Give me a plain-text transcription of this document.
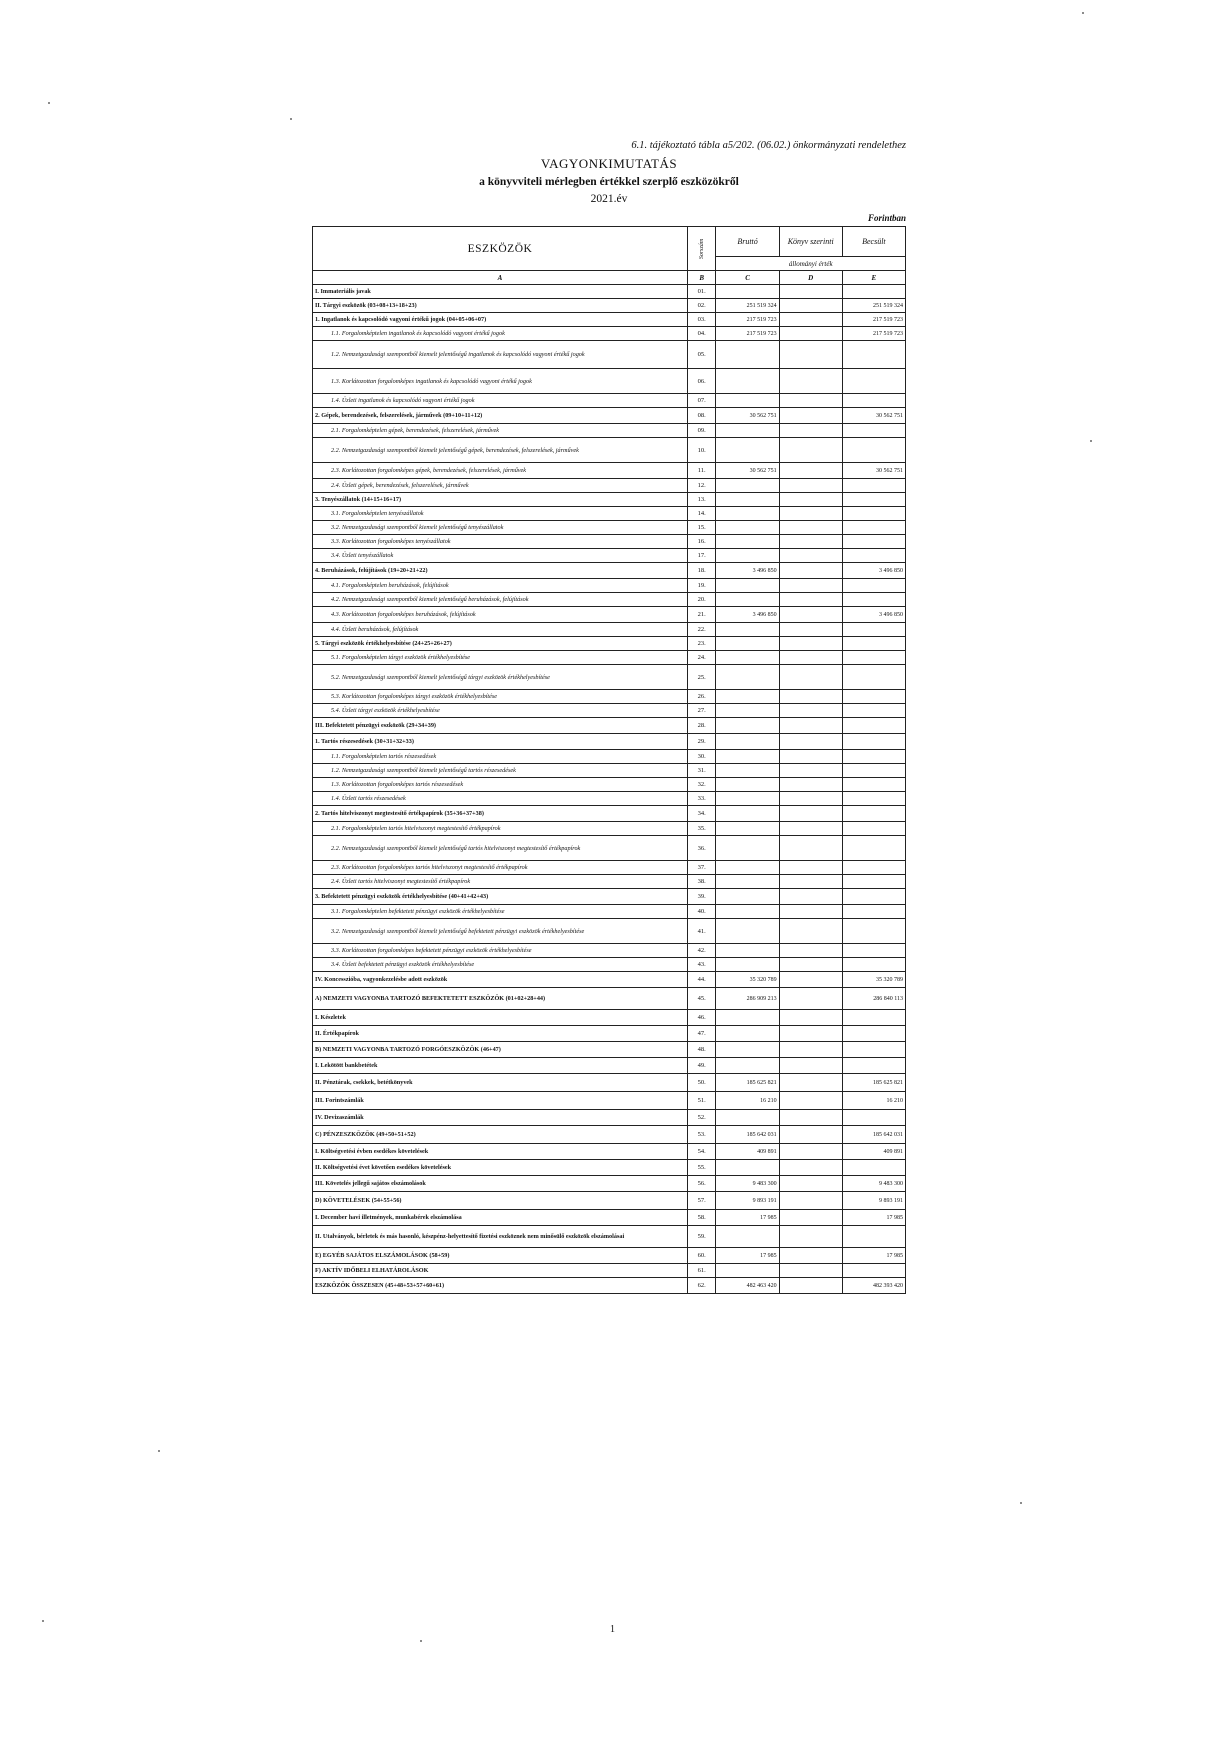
6.1. tájékoztató tábla a5/202. (06.02.) önkormányzati rendelethez
VAGYONKIMUTATÁS
a könyvviteli mérlegben értékkel szerplő eszközökről
2021.év
Forintban
ESZKÖZÖK	Sorszám	Bruttó	Könyv szerinti	Becsült
		állományi érték		
A	B	C	D	E
I. Immateriális javak	01.			
II. Tárgyi eszközök (03+08+13+18+23)	02.	251 519 324		251 519 324
1. Ingatlanok és kapcsolódó vagyoni értékű jogok (04+05+06+07)	03.	217 519 723		217 519 723
1.1. Forgalomképtelen ingatlanok és kapcsolódó vagyoni értékű jogok	04.	217 519 723		217 519 723
1.2. Nemzetgazdasági szempontból kiemelt jelentőségű ingatlanok és kapcsolódó vagyoni értékű jogok	05.			
1.3. Korlátozottan forgalomképes ingatlanok és kapcsolódó vagyoni értékű jogok	06.			
1.4. Üzleti ingatlanok és kapcsolódó vagyoni értékű jogok	07.			
2. Gépek, berendezések, felszerelések, járművek (09+10+11+12)	08.	30 562 751		30 562 751
2.1. Forgalomképtelen gépek, berendezések, felszerelések, járművek	09.			
2.2. Nemzetgazdasági szempontból kiemelt jelentőségű gépek, berendezések, felszerelések, járművek	10.			
2.3. Korlátozottan forgalomképes gépek, berendezések, felszerelések, járművek	11.	30 562 751		30 562 751
2.4. Üzleti gépek, berendezések, felszerelések, járművek	12.			
3. Tenyészállatok (14+15+16+17)	13.			
3.1. Forgalomképtelen tenyészállatok	14.			
3.2. Nemzetgazdasági szempontból kiemelt jelentőségű tenyészállatok	15.			
3.3. Korlátozottan forgalomképes tenyészállatok	16.			
3.4. Üzleti tenyészállatok	17.			
4. Beruházások, felújítások (19+20+21+22)	18.	3 496 850		3 496 850
4.1. Forgalomképtelen beruházások, felújítások	19.			
4.2. Nemzetgazdasági szempontból kiemelt jelentőségű beruházások, felújítások	20.			
4.3. Korlátozottan forgalomképes beruházások, felújítások	21.	3 496 850		3 496 850
4.4. Üzleti beruházások, felújítások	22.			
5. Tárgyi eszközök értékhelyesbítése (24+25+26+27)	23.			
5.1. Forgalomképtelen tárgyi eszközök értékhelyesbítése	24.			
5.2. Nemzetgazdasági szempontból kiemelt jelentőségű tárgyi eszközök értékhelyesbítése	25.			
5.3. Korlátozottan forgalomképes tárgyi eszközök értékhelyesbítése	26.			
5.4. Üzleti tárgyi eszközök értékhelyesbítése	27.			
III. Befektetett pénzügyi eszközök (29+34+39)	28.			
1. Tartós részesedések (30+31+32+33)	29.			
1.1. Forgalomképtelen tartós részesedések	30.			
1.2. Nemzetgazdasági szempontból kiemelt jelentőségű tartós részesedések	31.			
1.3. Korlátozottan forgalomképes tartós részesedések	32.			
1.4. Üzleti tartós részesedések	33.			
2. Tartós hitelviszonyt megtestesítő értékpapírok (35+36+37+38)	34.			
2.1. Forgalomképtelen tartós hitelviszonyt megtestesítő értékpapírok	35.			
2.2. Nemzetgazdasági szempontból kiemelt jelentőségű tartós hitelviszonyt megtestesítő értékpapírok	36.			
2.3. Korlátozottan forgalomképes tartós hitelviszonyt megtestesítő értékpapírok	37.			
2.4. Üzleti tartós hitelviszonyt megtestesítő értékpapírok	38.			
3. Befektetett pénzügyi eszközök értékhelyesbítése (40+41+42+43)	39.			
3.1. Forgalomképtelen befektetett pénzügyi eszközök értékhelyesbítése	40.			
3.2. Nemzetgazdasági szempontból kiemelt jelentőségű befektetett pénzügyi eszközök értékhelyesbítése	41.			
3.3. Korlátozottan forgalomképes befektetett pénzügyi eszközök értékhelyesbítése	42.			
3.4. Üzleti befektetett pénzügyi eszközök értékhelyesbítése	43.			
IV. Koncesszióba, vagyonkezelésbe adott eszközök	44.	35 320 789		35 320 789
A) NEMZETI VAGYONBA TARTOZÓ BEFEKTETETT ESZKÖZÖK (01+02+28+44)	45.	286 909 213		286 840 113
I. Készletek	46.			
II. Értékpapírok	47.			
B) NEMZETI VAGYONBA TARTOZÓ FORGÓESZKÖZÖK (46+47)	48.			
I. Lekötött bankbetétek	49.			
II. Pénztárak, csekkek, betétkönyvek	50.	185 625 821		185 625 821
III. Forintszámlák	51.	16 210		16 210
IV. Devizaszámlák	52.			
C) PÉNZESZKÖZÖK (49+50+51+52)	53.	185 642 031		185 642 031
I. Költségvetési évben esedékes követelések	54.	409 891		409 891
II. Költségvetési évet követően esedékes követelések	55.			
III. Követelés jellegű sajátos elszámolások	56.	9 483 300		9 483 300
D) KÖVETELÉSEK (54+55+56)	57.	9 893 191		9 893 191
I. December havi illetmények, munkabérek elszámolása	58.	17 985		17 985
II. Utalványok, bérletek és más hasonló, készpénz-helyettesítő fizetési eszköznek nem minősülő eszközök elszámolásai	59.			
E) EGYÉB SAJÁTOS ELSZÁMOLÁSOK (58+59)	60.	17 985		17 985
F) AKTÍV IDŐBELI ELHATÁROLÁSOK	61.			
ESZKÖZÖK ÖSSZESEN (45+48+53+57+60+61)	62.	482 463 420		482 393 420
1
